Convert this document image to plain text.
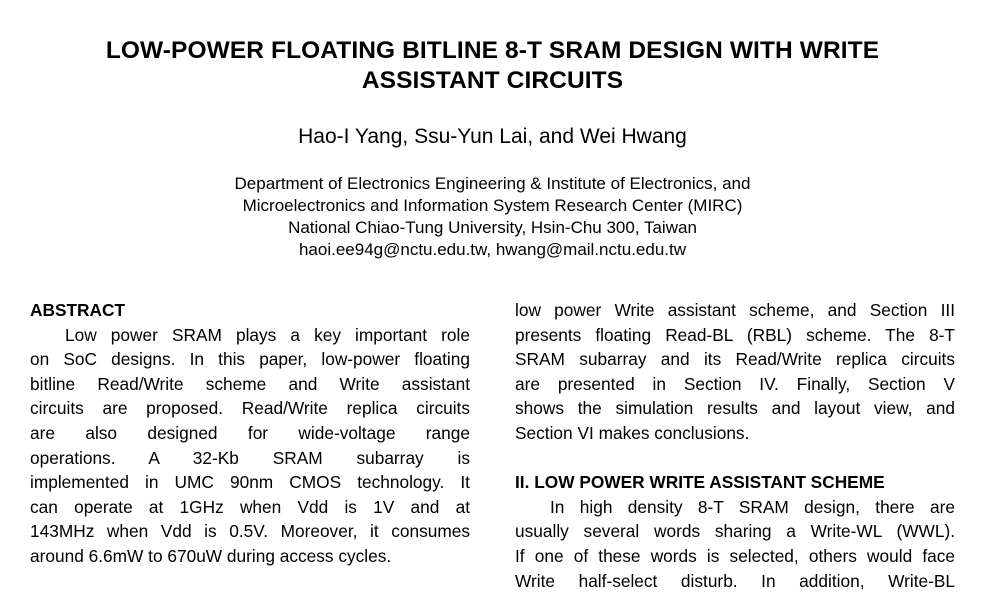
LOW-POWER FLOATING BITLINE 8-T SRAM DESIGN WITH WRITE
ASSISTANT CIRCUITS
Hao-I Yang, Ssu-Yun Lai, and Wei Hwang
Department of Electronics Engineering & Institute of Electronics, and
Microelectronics and Information System Research Center (MIRC)
National Chiao-Tung University, Hsin-Chu 300, Taiwan
haoi.ee94g@nctu.edu.tw, hwang@mail.nctu.edu.tw
ABSTRACT
Low power SRAM plays a key important role
on SoC designs. In this paper, low-power floating
bitline Read/Write scheme and Write assistant
circuits are proposed. Read/Write replica circuits
are also designed for wide-voltage range
operations. A 32-Kb SRAM subarray is
implemented in UMC 90nm CMOS technology. It
can operate at 1GHz when Vdd is 1V and at
143MHz when Vdd is 0.5V. Moreover, it consumes
around 6.6mW to 670uW during access cycles.
low power Write assistant scheme, and Section III
presents floating Read-BL (RBL) scheme. The 8-T
SRAM subarray and its Read/Write replica circuits
are presented in Section IV. Finally, Section V
shows the simulation results and layout view, and
Section VI makes conclusions.
II. LOW POWER WRITE ASSISTANT SCHEME
In high density 8-T SRAM design, there are
usually several words sharing a Write-WL (WWL).
If one of these words is selected, others would face
Write half-select disturb. In addition, Write-BL
